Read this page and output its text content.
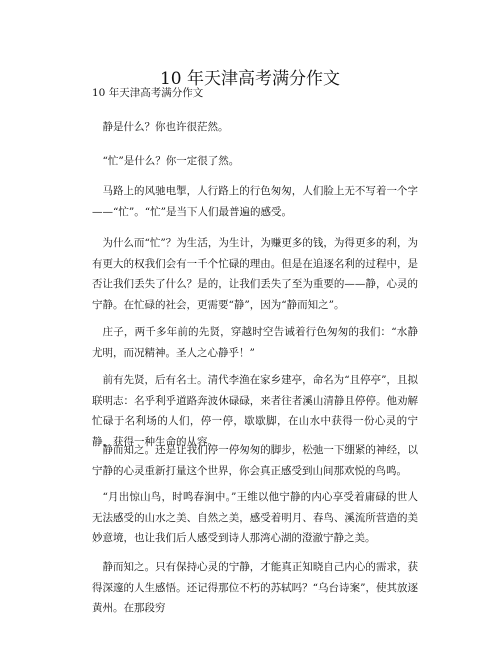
10 年天津高考满分作文
10 年天津高考满分作文

静是什么？你也许很茫然。

“忙”是什么？你一定很了然。

马路上的风驰电掣，人行路上的行色匆匆，人们脸上无不写着一个字——“忙”。“忙”是当下人们最普遍的感受。

为什么而“忙”？为生活，为生计，为赚更多的钱，为得更多的利，为有更大的权我们会有一千个忙碌的理由。但是在追逐名利的过程中，是否让我们丢失了什么？是的，让我们丢失了至为重要的——静，心灵的宁静。在忙碌的社会，更需要“静”，因为“静而知之”。

庄子，两千多年前的先贤，穿越时空告诫着行色匆匆的我们：“水静尤明，而况精神。圣人之心静乎！”

前有先贤，后有名士。清代李渔在家乡建亭，命名为“且停亭”，且拟联明志：名乎利乎道路奔波休碌碌，来者往者溪山清静且停停。他劝解忙碌于名利场的人们，停一停，歇歇脚，在山水中获得一份心灵的宁静，获得一种生命的从容。

静而知之。还是让我们停一停匆匆的脚步，松弛一下绷紧的神经，以宁静的心灵重新打量这个世界，你会真正感受到山间那欢悦的鸟鸣。

“月出惊山鸟，时鸣春涧中。”王维以他宁静的内心享受着庸碌的世人无法感受的山水之美、自然之美，感受着明月、春鸟、溪流所营造的美妙意境，也让我们后人感受到诗人那湾心湖的澄澈宁静之美。

静而知之。只有保持心灵的宁静，才能真正知晓自己内心的需求，获得深邃的人生感悟。还记得那位不朽的苏轼吗？“乌台诗案”，使其放逐黄州。在那段穷
